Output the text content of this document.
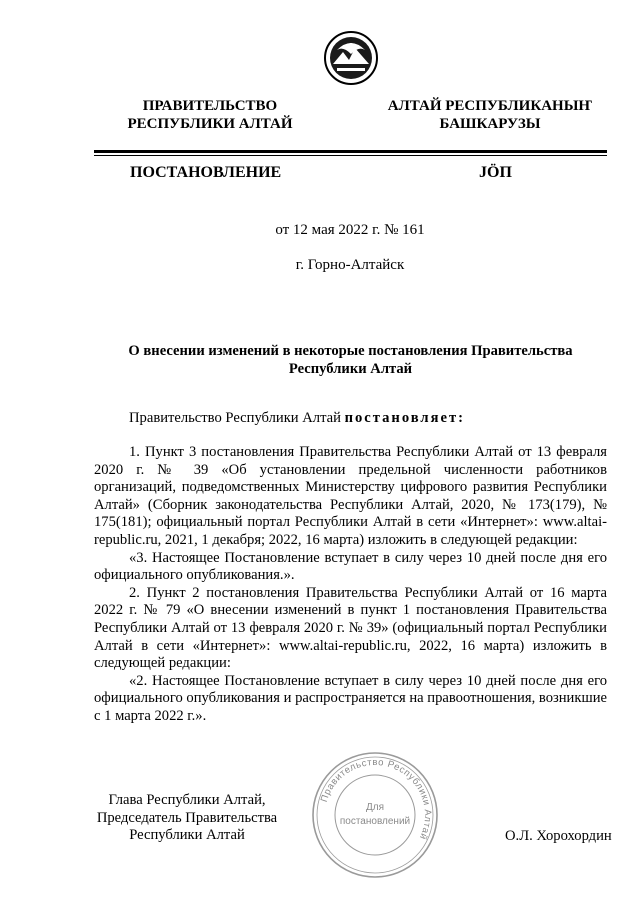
ПРАВИТЕЛЬСТВО
РЕСПУБЛИКИ АЛТАЙ
АЛТАЙ РЕСПУБЛИКАНЫҤ
БАШКАРУЗЫ
ПОСТАНОВЛЕНИЕ	JӦП
от 12 мая 2022 г. № 161
г. Горно-Алтайск
О внесении изменений в некоторые постановления Правительства
Республики Алтай
Правительство Республики Алтай постановляет:

1. Пункт 3 постановления Правительства Республики Алтай от 13 февраля 2020 г. № 39 «Об установлении предельной численности работников организаций, подведомственных Министерству цифрового развития Республики Алтай» (Сборник законодательства Республики Алтай, 2020, № 173(179), № 175(181); официальный портал Республики Алтай в сети «Интернет»: www.altai-republic.ru, 2021, 1 декабря; 2022, 16 марта) изложить в следующей редакции:

«3. Настоящее Постановление вступает в силу через 10 дней после дня его официального опубликования.».

2. Пункт 2 постановления Правительства Республики Алтай от 16 марта 2022 г. № 79 «О внесении изменений в пункт 1 постановления Правительства Республики Алтай от 13 февраля 2020 г. № 39» (официальный портал Республики Алтай в сети «Интернет»: www.altai-republic.ru, 2022, 16 марта) изложить в следующей редакции:

«2. Настоящее Постановление вступает в силу через 10 дней после дня его официального опубликования и распространяется на правоотношения, возникшие с 1 марта 2022 г.».

Глава Республики Алтай,
Председатель Правительства
Республики Алтай	О.Л. Хорохордин
Правительство Республики Алтай
Для
постановлений
